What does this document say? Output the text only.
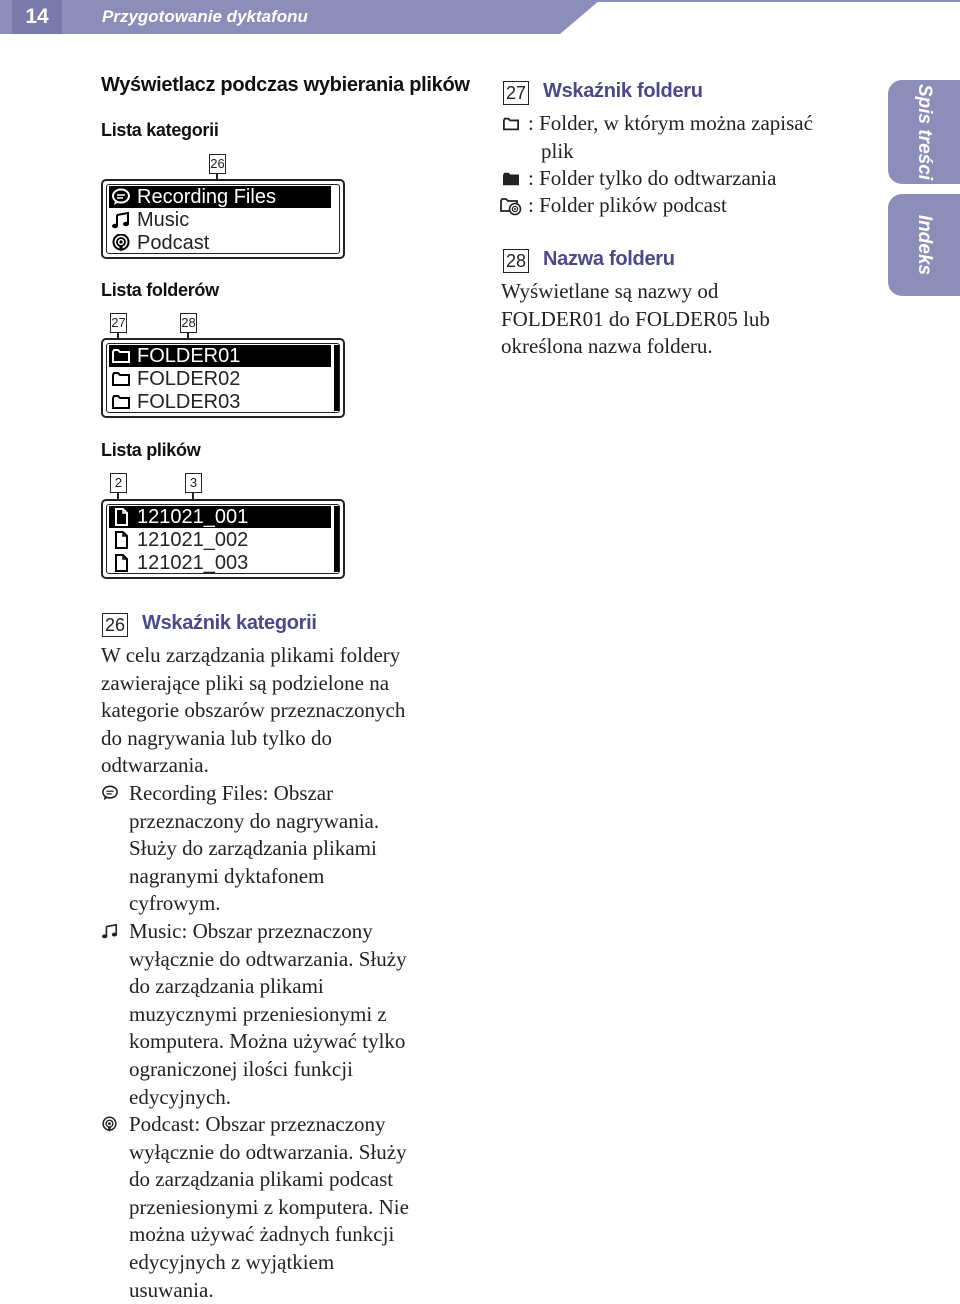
14	Przygotowanie dyktafonu
Spis treści
Indeks
Wyświetlacz podczas wybierania plików
Lista kategorii
26
Recording Files
Music
Podcast
Lista folderów
27	28
FOLDER01
FOLDER02
FOLDER03
Lista plików
2	3
121021_001
121021_002
121021_003
26 Wskaźnik kategorii
W celu zarządzania plikami foldery
zawierające pliki są podzielone na
kategorie obszarów przeznaczonych
do nagrywania lub tylko do
odtwarzania.
Recording Files: Obszar
przeznaczony do nagrywania.
Służy do zarządzania plikami
nagranymi dyktafonem
cyfrowym.
Music: Obszar przeznaczony
wyłącznie do odtwarzania. Służy
do zarządzania plikami
muzycznymi przeniesionymi z
komputera. Można używać tylko
ograniczonej ilości funkcji
edycyjnych.
Podcast: Obszar przeznaczony
wyłącznie do odtwarzania. Służy
do zarządzania plikami podcast
przeniesionymi z komputera. Nie
można używać żadnych funkcji
edycyjnych z wyjątkiem
usuwania.
27 Wskaźnik folderu
: Folder, w którym można zapisać
plik
: Folder tylko do odtwarzania
: Folder plików podcast
28 Nazwa folderu
Wyświetlane są nazwy od
FOLDER01 do FOLDER05 lub
określona nazwa folderu.
